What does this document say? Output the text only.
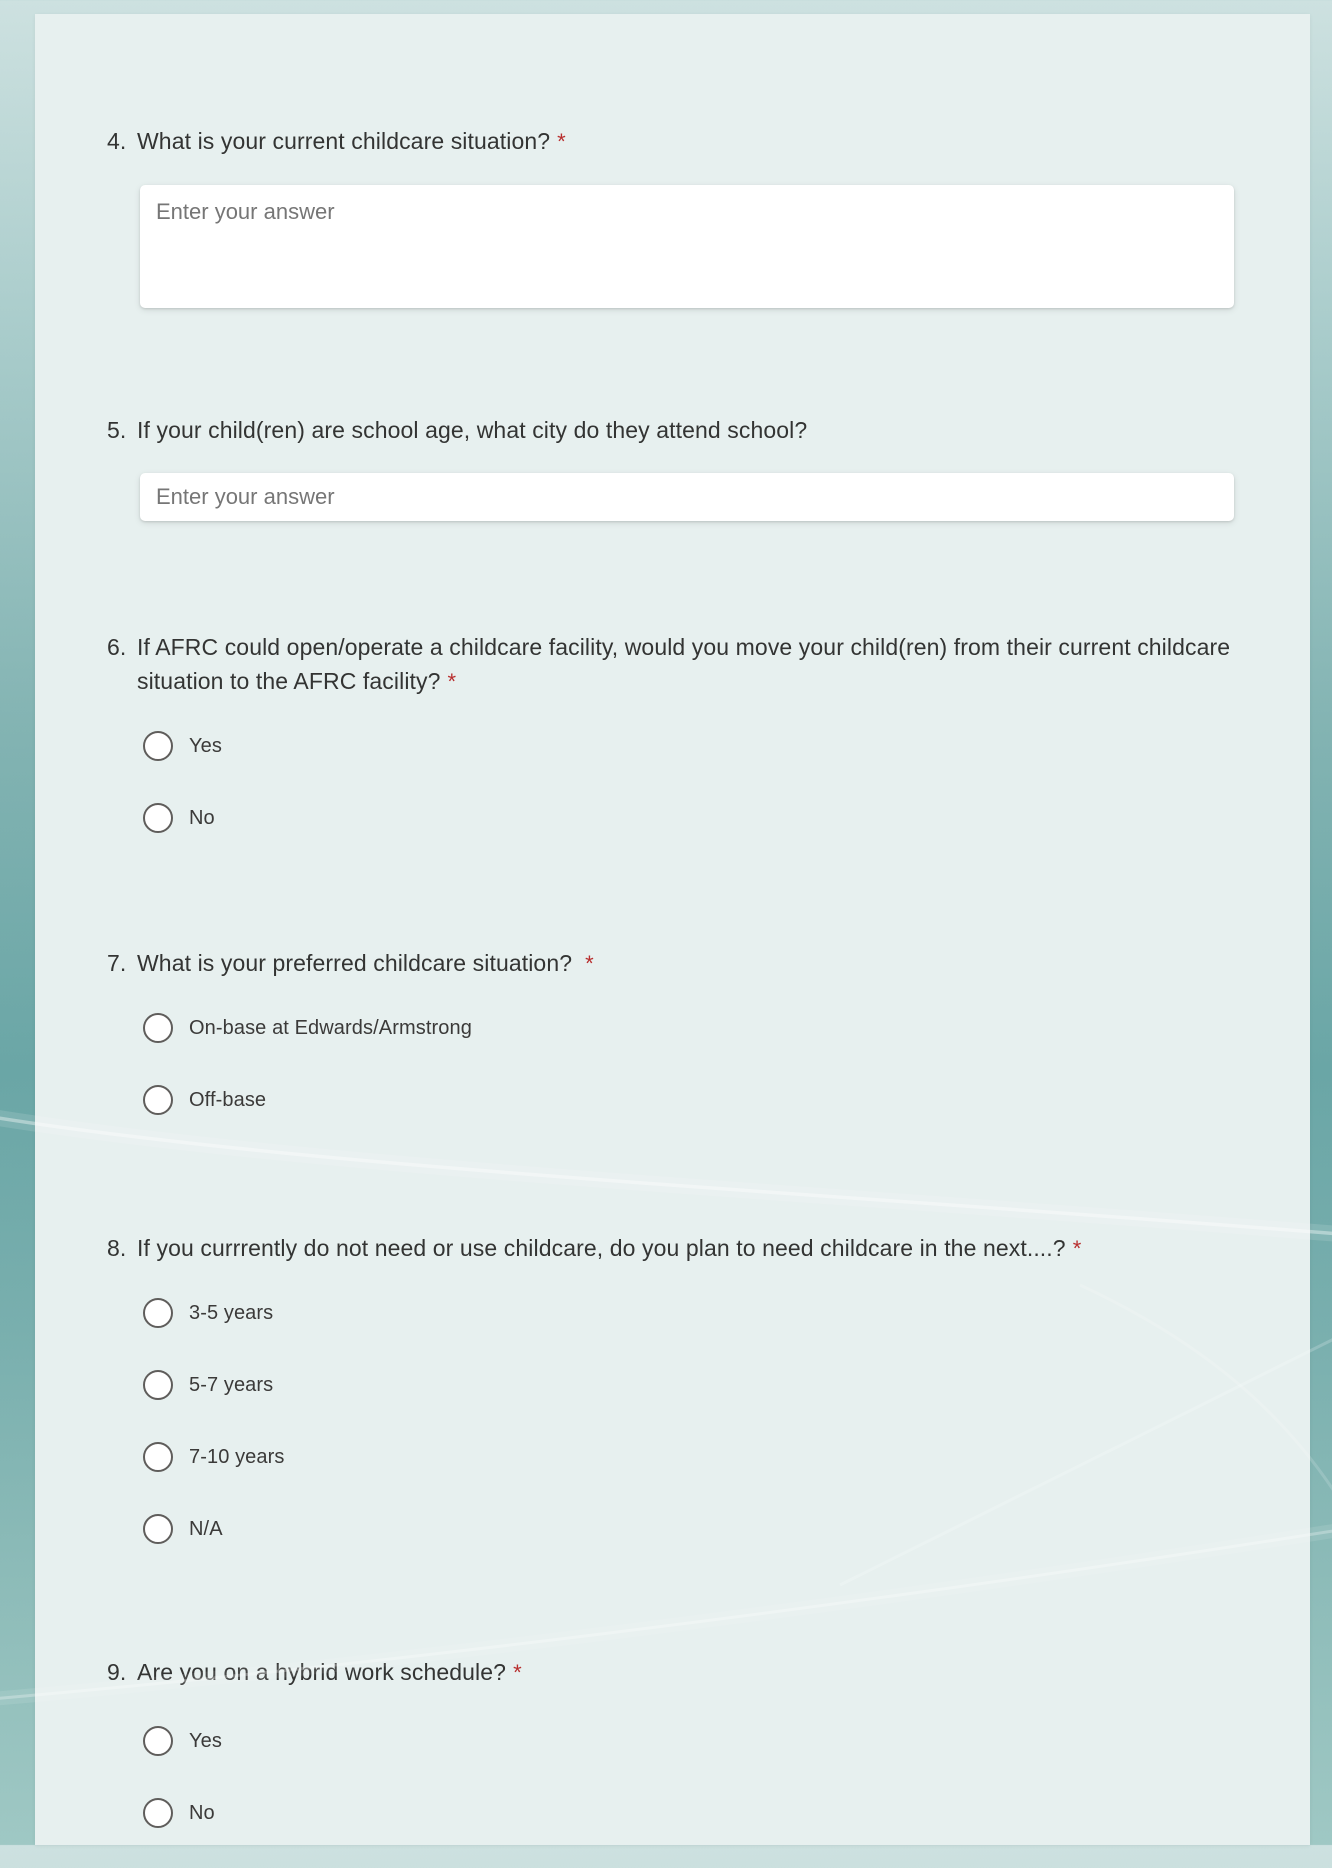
4. What is your current childcare situation? *
Enter your answer
5. If your child(ren) are school age, what city do they attend school?
Enter your answer
6. If AFRC could open/operate a childcare facility, would you move your child(ren) from their current childcare situation to the AFRC facility? *
Yes
No
7. What is your preferred childcare situation? *
On-base at Edwards/Armstrong
Off-base
8. If you currrently do not need or use childcare, do you plan to need childcare in the next....? *
3-5 years
5-7 years
7-10 years
N/A
9. Are you on a hybrid work schedule? *
Yes
No
